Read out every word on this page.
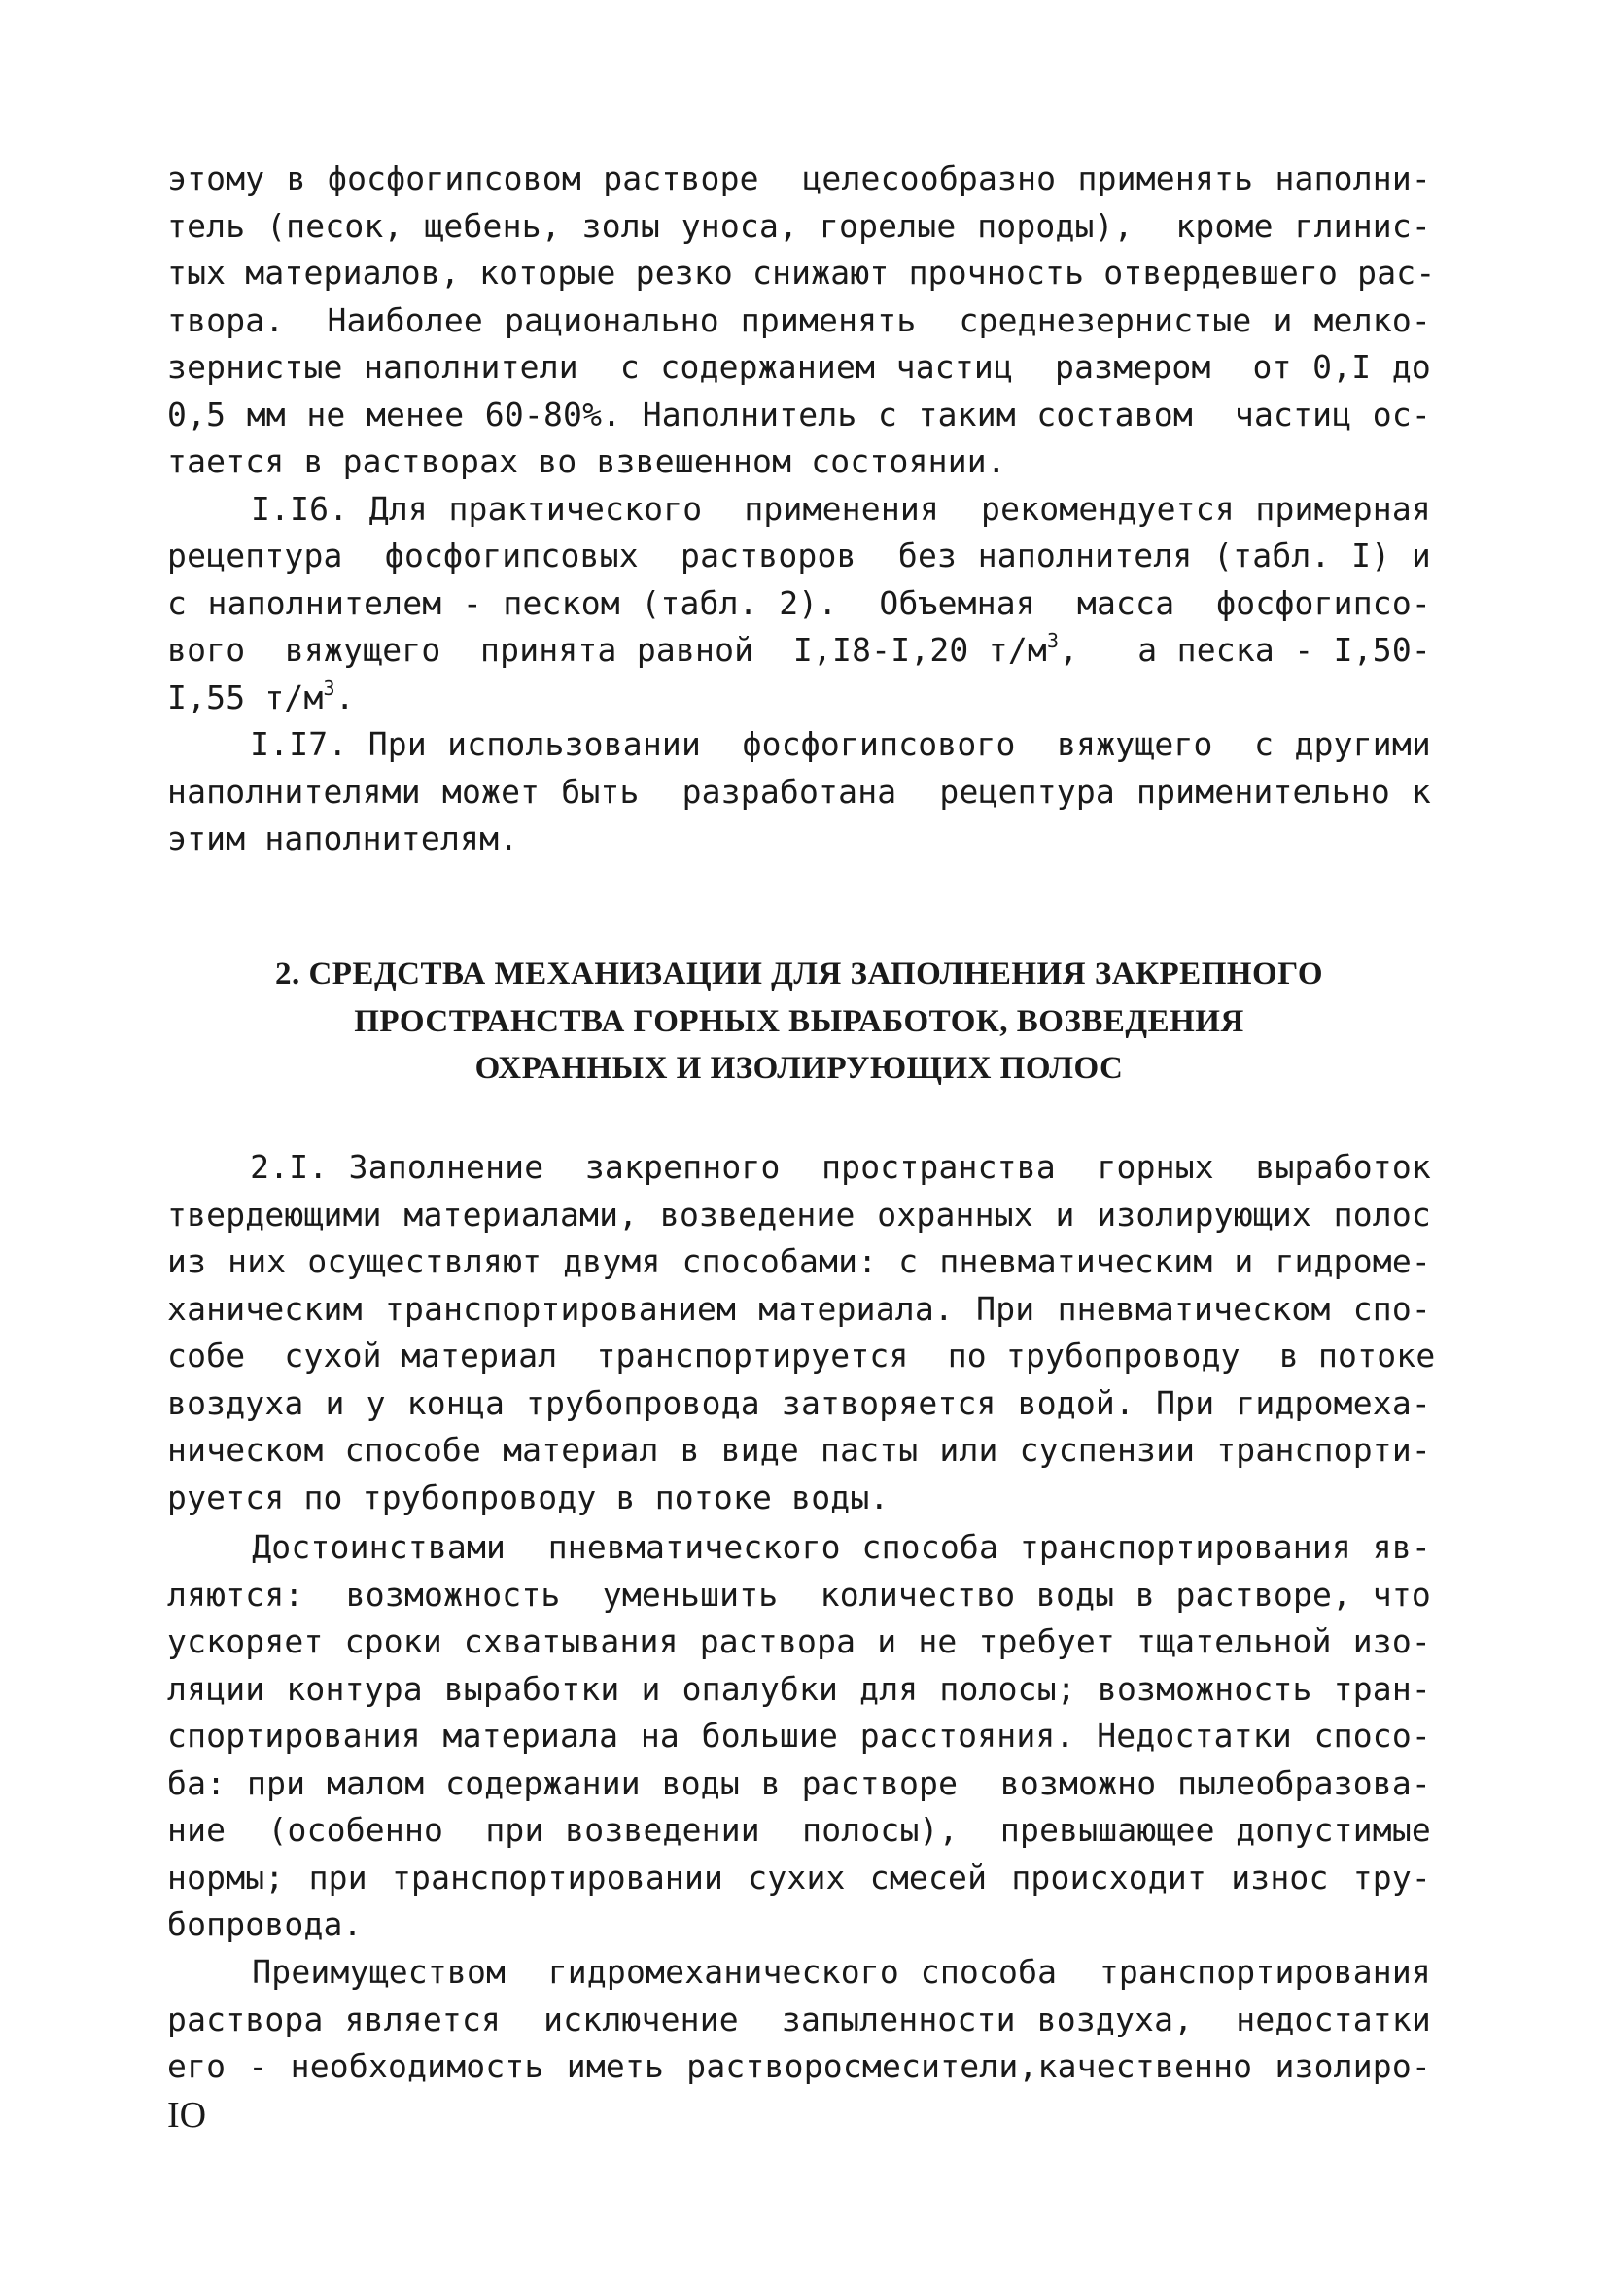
этому в фосфогипсовом растворе  целесообразно применять наполни-
тель (песок, щебень, золы уноса, горелые породы),  кроме глинис-
тых материалов, которые резко снижают прочность отвердевшего рас-
твора.  Наиболее рационально применять  среднезернистые и мелко-
зернистые наполнители  с содержанием частиц  размером  от 0,I до
0,5 мм не менее 60-80%. Наполнитель с таким составом  частиц ос-
тается в растворах во взвешенном состоянии.
I.I6. Для практического  применения  рекомендуется примерная
рецептура  фосфогипсовых  растворов  без наполнителя (табл. I) и
с наполнителем - песком (табл. 2).  Объемная  масса  фосфогипсо-
вого  вяжущего  принята равной  I,I8-I,20 $т/м^3$,   а песка - I,50-
I,55 $т/м^3$.
I.I7. При использовании  фосфогипсового  вяжущего  с другими
наполнителями может быть  разработана  рецептура применительно к
этим наполнителям.
2. СРЕДСТВА МЕХАНИЗАЦИИ ДЛЯ ЗАПОЛНЕНИЯ ЗАКРЕПНОГО
ПРОСТРАНСТВА ГОРНЫХ ВЫРАБОТОК, ВОЗВЕДЕНИЯ
ОХРАННЫХ И ИЗОЛИРУЮЩИХ ПОЛОС
2.I. Заполнение  закрепного  пространства  горных  выработок
твердеющими материалами, возведение охранных и изолирующих полос
из них осуществляют двумя способами: с пневматическим и гидроме-
ханическим транспортированием материала. При пневматическом спо-
собе  сухой материал  транспортируется  по трубопроводу  в потоке
воздуха и у конца трубопровода затворяется водой. При гидромеха-
ническом способе материал в виде пасты или суспензии транспорти-
руется по трубопроводу в потоке воды.
Достоинствами  пневматического способа транспортирования яв-
ляются:  возможность  уменьшить  количество воды в растворе, что
ускоряет сроки схватывания раствора и не требует тщательной изо-
ляции контура выработки и опалубки для полосы; возможность тран-
спортирования материала на большие расстояния. Недостатки спосо-
ба: при малом содержании воды в растворе  возможно пылеобразова-
ние  (особенно  при возведении  полосы),  превышающее допустимые
нормы; при транспортировании сухих смесей происходит износ тру-
бопровода.
Преимуществом  гидромеханического способа  транспортирования
раствора является  исключение  запыленности воздуха,  недостатки
его - необходимость иметь растворосмесители,качественно изолиро-
IO
